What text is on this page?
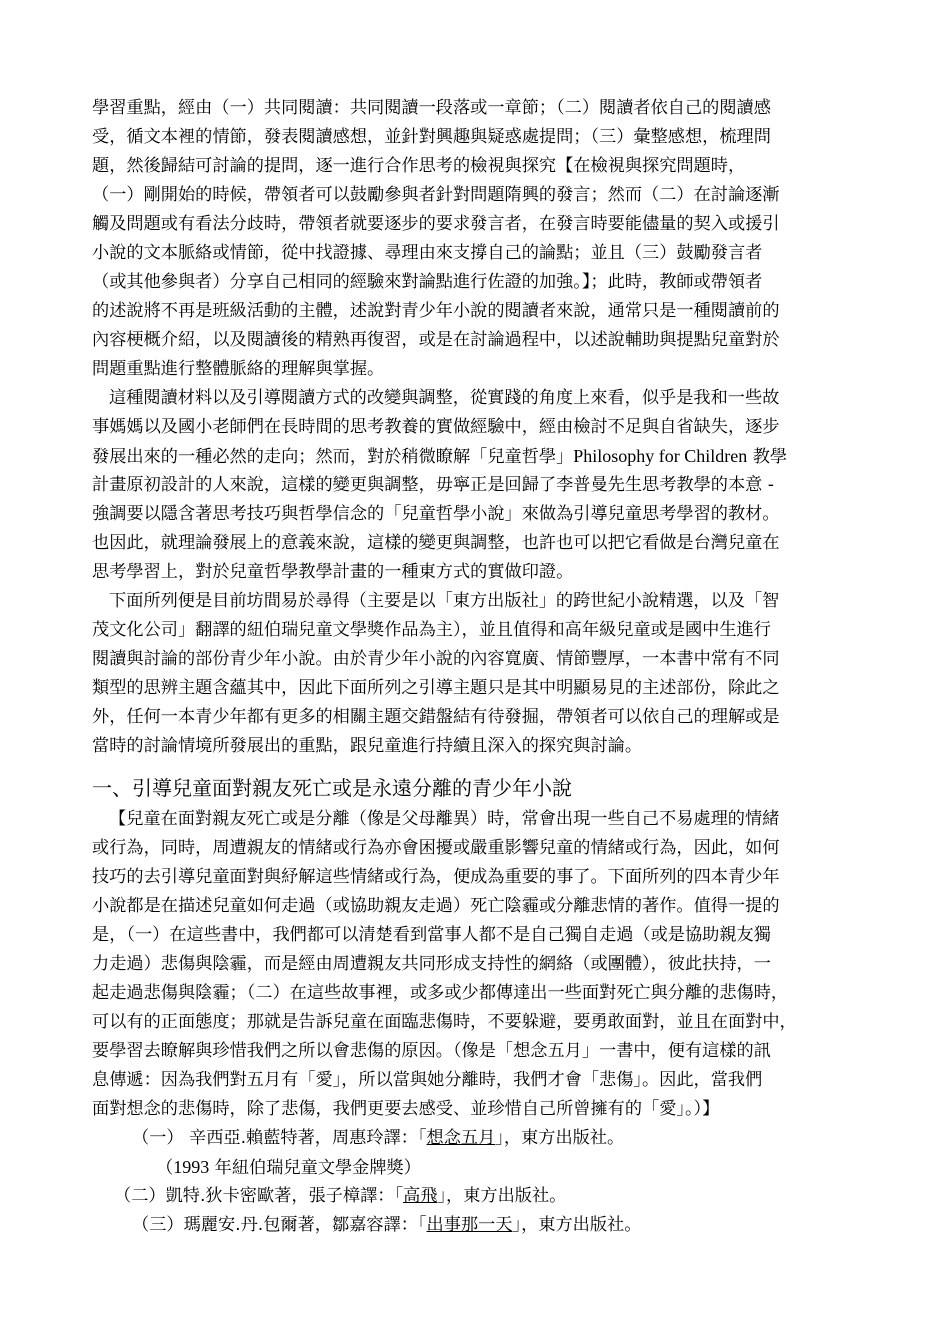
學習重點，經由（一）共同閱讀：共同閱讀一段落或一章節；（二）閱讀者依自己的閱讀感
受，循文本裡的情節，發表閱讀感想，並針對興趣與疑惑處提問；（三）彙整感想，梳理問
題，然後歸結可討論的提問，逐一進行合作思考的檢視與探究【在檢視與探究問題時，
（一）剛開始的時候，帶領者可以鼓勵參與者針對問題隋興的發言；然而（二）在討論逐漸
觸及問題或有看法分歧時，帶領者就要逐步的要求發言者，在發言時要能儘量的契入或援引
小說的文本脈絡或情節，從中找證據、尋理由來支撐自己的論點；並且（三）鼓勵發言者
（或其他參與者）分享自己相同的經驗來對論點進行佐證的加強。】；此時，教師或帶領者
的述說將不再是班級活動的主體，述說對青少年小說的閱讀者來說，通常只是一種閱讀前的
內容梗概介紹，以及閱讀後的精熟再復習，或是在討論過程中，以述說輔助與提點兒童對於
問題重點進行整體脈絡的理解與掌握。
這種閱讀材料以及引導閱讀方式的改變與調整，從實踐的角度上來看，似乎是我和一些故
事媽媽以及國小老師們在長時間的思考教養的實做經驗中，經由檢討不足與自省缺失，逐步
發展出來的一種必然的走向；然而，對於稍微瞭解「兒童哲學」Philosophy for Children 教學
計畫原初設計的人來說，這樣的變更與調整，毋寧正是回歸了李普曼先生思考教學的本意 -
強調要以隱含著思考技巧與哲學信念的「兒童哲學小說」來做為引導兒童思考學習的教材。
也因此，就理論發展上的意義來說，這樣的變更與調整，也許也可以把它看做是台灣兒童在
思考學習上，對於兒童哲學教學計畫的一種東方式的實做印證。
下面所列便是目前坊間易於尋得（主要是以「東方出版社」的跨世紀小說精選，以及「智
茂文化公司」翻譯的紐伯瑞兒童文學獎作品為主），並且值得和高年級兒童或是國中生進行
閱讀與討論的部份青少年小說。由於青少年小說的內容寬廣、情節豐厚，一本書中常有不同
類型的思辨主題含蘊其中，因此下面所列之引導主題只是其中明顯易見的主述部份，除此之
外，任何一本青少年都有更多的相關主題交錯盤結有待發掘，帶領者可以依自己的理解或是
當時的討論情境所發展出的重點，跟兒童進行持續且深入的探究與討論。
一、引導兒童面對親友死亡或是永遠分離的青少年小說
【兒童在面對親友死亡或是分離（像是父母離異）時，常會出現一些自己不易處理的情緒
或行為，同時，周遭親友的情緒或行為亦會困擾或嚴重影響兒童的情緒或行為，因此，如何
技巧的去引導兒童面對與紓解這些情緒或行為，便成為重要的事了。下面所列的四本青少年
小說都是在描述兒童如何走過（或協助親友走過）死亡陰霾或分離悲情的著作。值得一提的
是，（一）在這些書中，我們都可以清楚看到當事人都不是自己獨自走過（或是協助親友獨
力走過）悲傷與陰霾，而是經由周遭親友共同形成支持性的網絡（或團體），彼此扶持，一
起走過悲傷與陰霾；（二）在這些故事裡，或多或少都傳達出一些面對死亡與分離的悲傷時，
可以有的正面態度；那就是告訴兒童在面臨悲傷時，不要躲避，要勇敢面對，並且在面對中，
要學習去瞭解與珍惜我們之所以會悲傷的原因。（像是「想念五月」一書中，便有這樣的訊
息傳遞：因為我們對五月有「愛」，所以當與她分離時，我們才會「悲傷」。因此，當我們
面對想念的悲傷時，除了悲傷，我們更要去感受、並珍惜自己所曾擁有的「愛」。）】
（一） 辛西亞.賴藍特著，周惠玲譯：「想念五月」，東方出版社。
（1993 年紐伯瑞兒童文學金牌獎）
（二）凱特.狄卡密歐著，張子樟譯：「高飛」，東方出版社。
（三）瑪麗安.丹.包爾著，鄒嘉容譯：「出事那一天」，東方出版社。
